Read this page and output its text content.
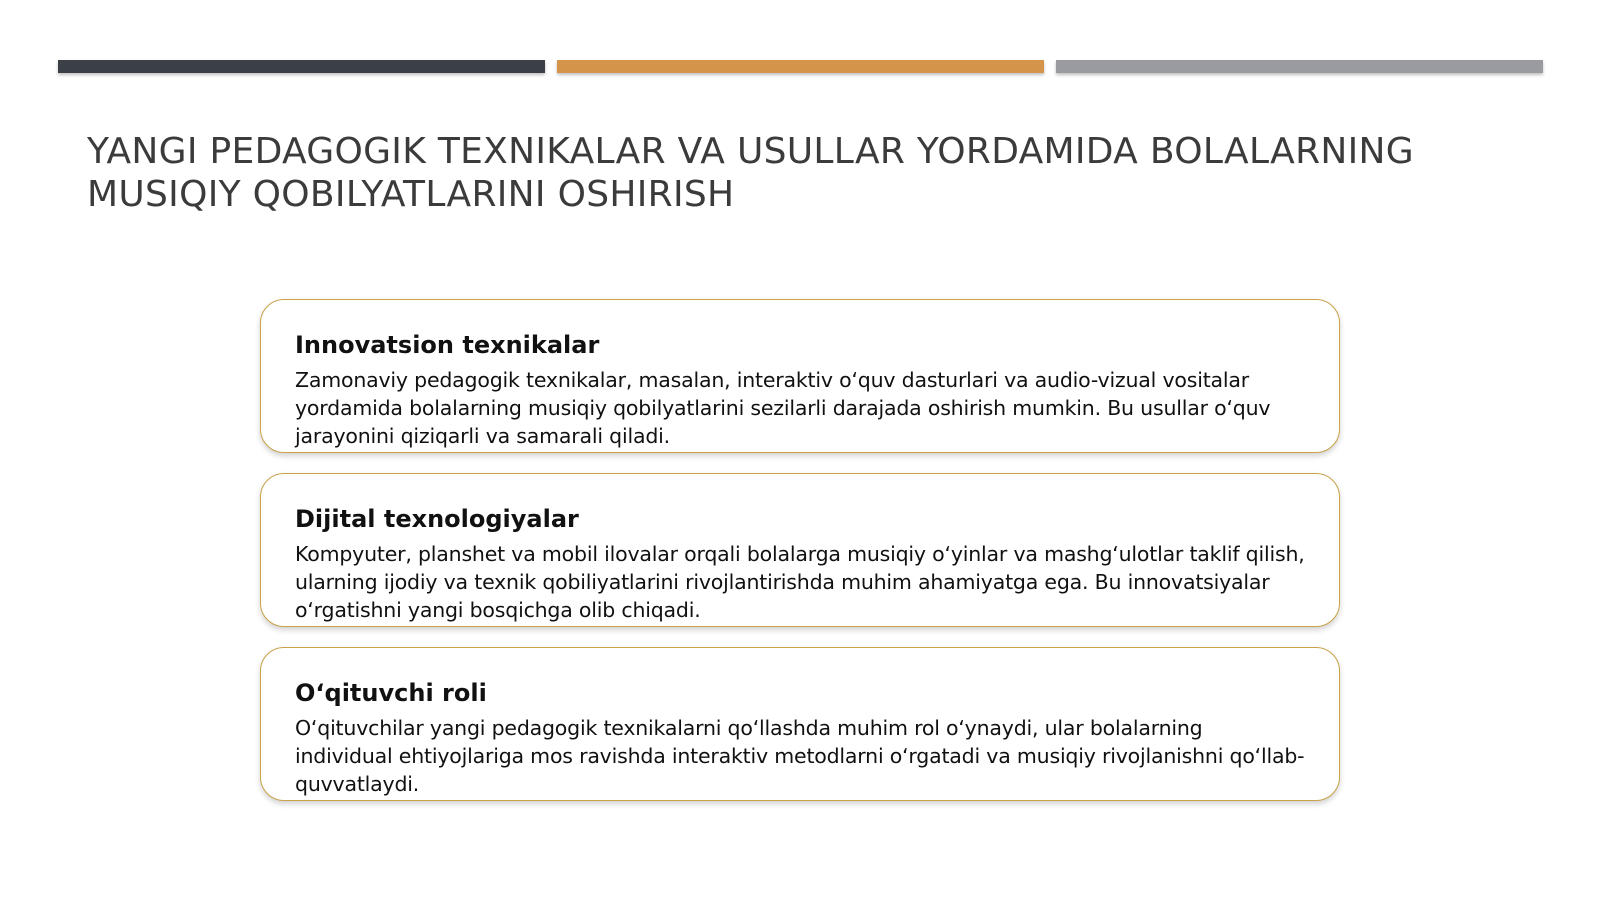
YANGI PEDAGOGIK TEXNIKALAR VA USULLAR YORDAMIDA BOLALARNING MUSIQIY QOBILYATLARINI OSHIRISH
Innovatsion texnikalar

Zamonaviy pedagogik texnikalar, masalan, interaktiv o‘quv dasturlari va audio-vizual vositalar yordamida bolalarning musiqiy qobilyatlarini sezilarli darajada oshirish mumkin. Bu usullar o‘quv jarayonini qiziqarli va samarali qiladi.

Dijital texnologiyalar

Kompyuter, planshet va mobil ilovalar orqali bolalarga musiqiy o‘yinlar va mashg‘ulotlar taklif qilish, ularning ijodiy va texnik qobiliyatlarini rivojlantirishda muhim ahamiyatga ega. Bu innovatsiyalar o‘rgatishni yangi bosqichga olib chiqadi.

O‘qituvchi roli

O‘qituvchilar yangi pedagogik texnikalarni qo‘llashda muhim rol o‘ynaydi, ular bolalarning individual ehtiyojlariga mos ravishda interaktiv metodlarni o‘rgatadi va musiqiy rivojlanishni qo‘llab-quvvatlaydi.
